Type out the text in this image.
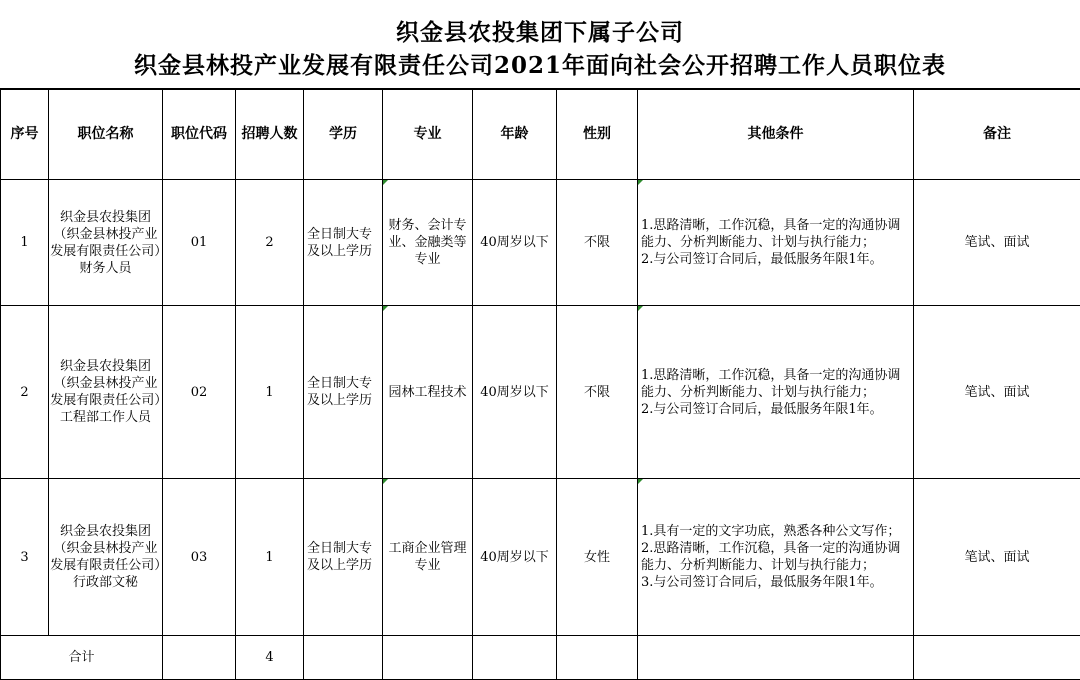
织金县农投集团下属子公司
织金县林投产业发展有限责任公司2021年面向社会公开招聘工作人员职位表
序号	职位名称	职位代码	招聘人数	学历	专业	年龄	性别	其他条件	备注
1	织金县农投集团（织金县林投产业发展有限责任公司）财务人员	01	2	全日制大专及以上学历	财务、会计专业、金融类等专业	40周岁以下	不限	1.思路清晰，工作沉稳，具备一定的沟通协调能力、分析判断能力、计划与执行能力；

2.与公司签订合同后，最低服务年限1年。	笔试、面试
2	织金县农投集团（织金县林投产业发展有限责任公司）工程部工作人员	02	1	全日制大专及以上学历	园林工程技术	40周岁以下	不限	1.思路清晰，工作沉稳，具备一定的沟通协调能力、分析判断能力、计划与执行能力；

2.与公司签订合同后，最低服务年限1年。	笔试、面试
3	织金县农投集团（织金县林投产业发展有限责任公司）行政部文秘	03	1	全日制大专及以上学历	工商企业管理专业	40周岁以下	女性	1.具有一定的文字功底，熟悉各种公文写作；

2.思路清晰，工作沉稳，具备一定的沟通协调能力、分析判断能力、计划与执行能力；

3.与公司签订合同后，最低服务年限1年。	笔试、面试
合计			4						
